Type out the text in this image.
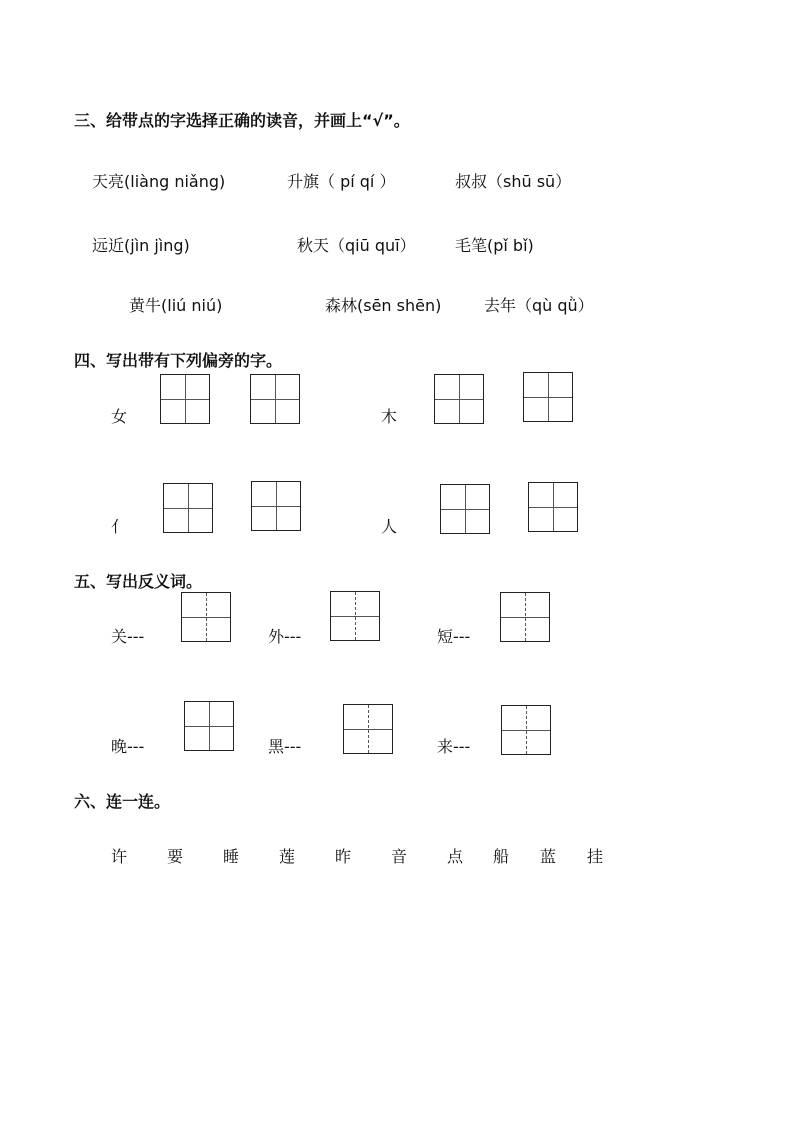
三、给带点的字选择正确的读音，并画上“√”。
天亮(liàng niǎng)	升旗（ pí qí ）	叔叔（shū sū）
远近(jìn jìng)	秋天（qiū quī） 毛笔(pǐ bǐ)
黄牛(liú niú)	森林(sēn shēn)	去年（qù qǜ）
四、写出带有下列偏旁的字。
女	木
亻	人
五、写出反义词。
关---	外---	短---
晚---	黑---	来---
六、连一连。
许 要 睡 莲 昨 音 点 船 蓝 挂
